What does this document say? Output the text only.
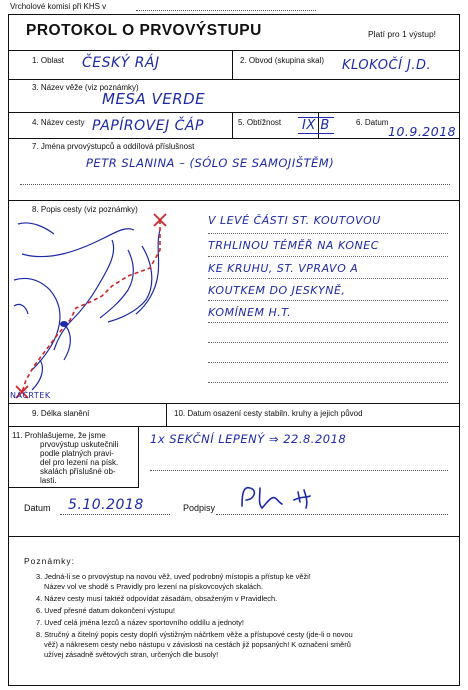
Vrcholové komisi při KHS v
PROTOKOL O PRVOVÝSTUPU	Platí pro 1 výstup!
1. Oblast ČESKÝ RÁJ	2. Obvod (skupina skal) KLOKOČÍ J.D.
3. Název věže (viz poznámky)
MESA VERDE
4. Název cesty PAPÍROVEJ ČÁP	5. Obtížnost	IX B	6. Datum
10.9.2018
7. Jména prvovýstupců a oddílová příslušnost
PETR SLANINA – (SÓLO SE SAMOJIŠTĚM)
8. Popis cesty (viz poznámky)
NÁČRTEK
V LEVÉ ČÁSTI ST. KOUTOVOU
TRHLINOU TÉMĚŘ NA KONEC
KE KRUHU, ST. VPRAVO A
KOUTKEM DO JESKYNĚ,
KOMÍNEM H.T.
9. Délka slanění	10. Datum osazení cesty stabiln. kruhy a jejich původ
11. Prohlašujeme, že jsme
prvovýstup uskutečnili
podle platných pravi-
del pro lezení na písk.
skalách příslušné ob-
lasti.
1x SEKČNÍ LEPENÝ ⇒ 22.8.2018
Datum 5.10.2018	Podpisy
Poznámky:
3. Jedná-li se o prvovýstup na novou věž, uveď podrobný místopis a přístup ke věži!
Název vol ve shodě s Pravidly pro lezení na pískovcových skalách.
4. Název cesty musí taktéž odpovídat zásadám, obsaženým v Pravidlech.
6. Uveď přesné datum dokončení výstupu!
7. Uveď celá jména lezců a název sportovního oddílu a jednoty!
8. Stručný a čitelný popis cesty doplň výstižným náčrtkem věže a přístupové cesty (jde-li o novou
věž) a nákresem cesty nebo nástupu v závislosti na cestách již popsaných! K označení směrů
užívej zásadně světových stran, určených dle busoly!
